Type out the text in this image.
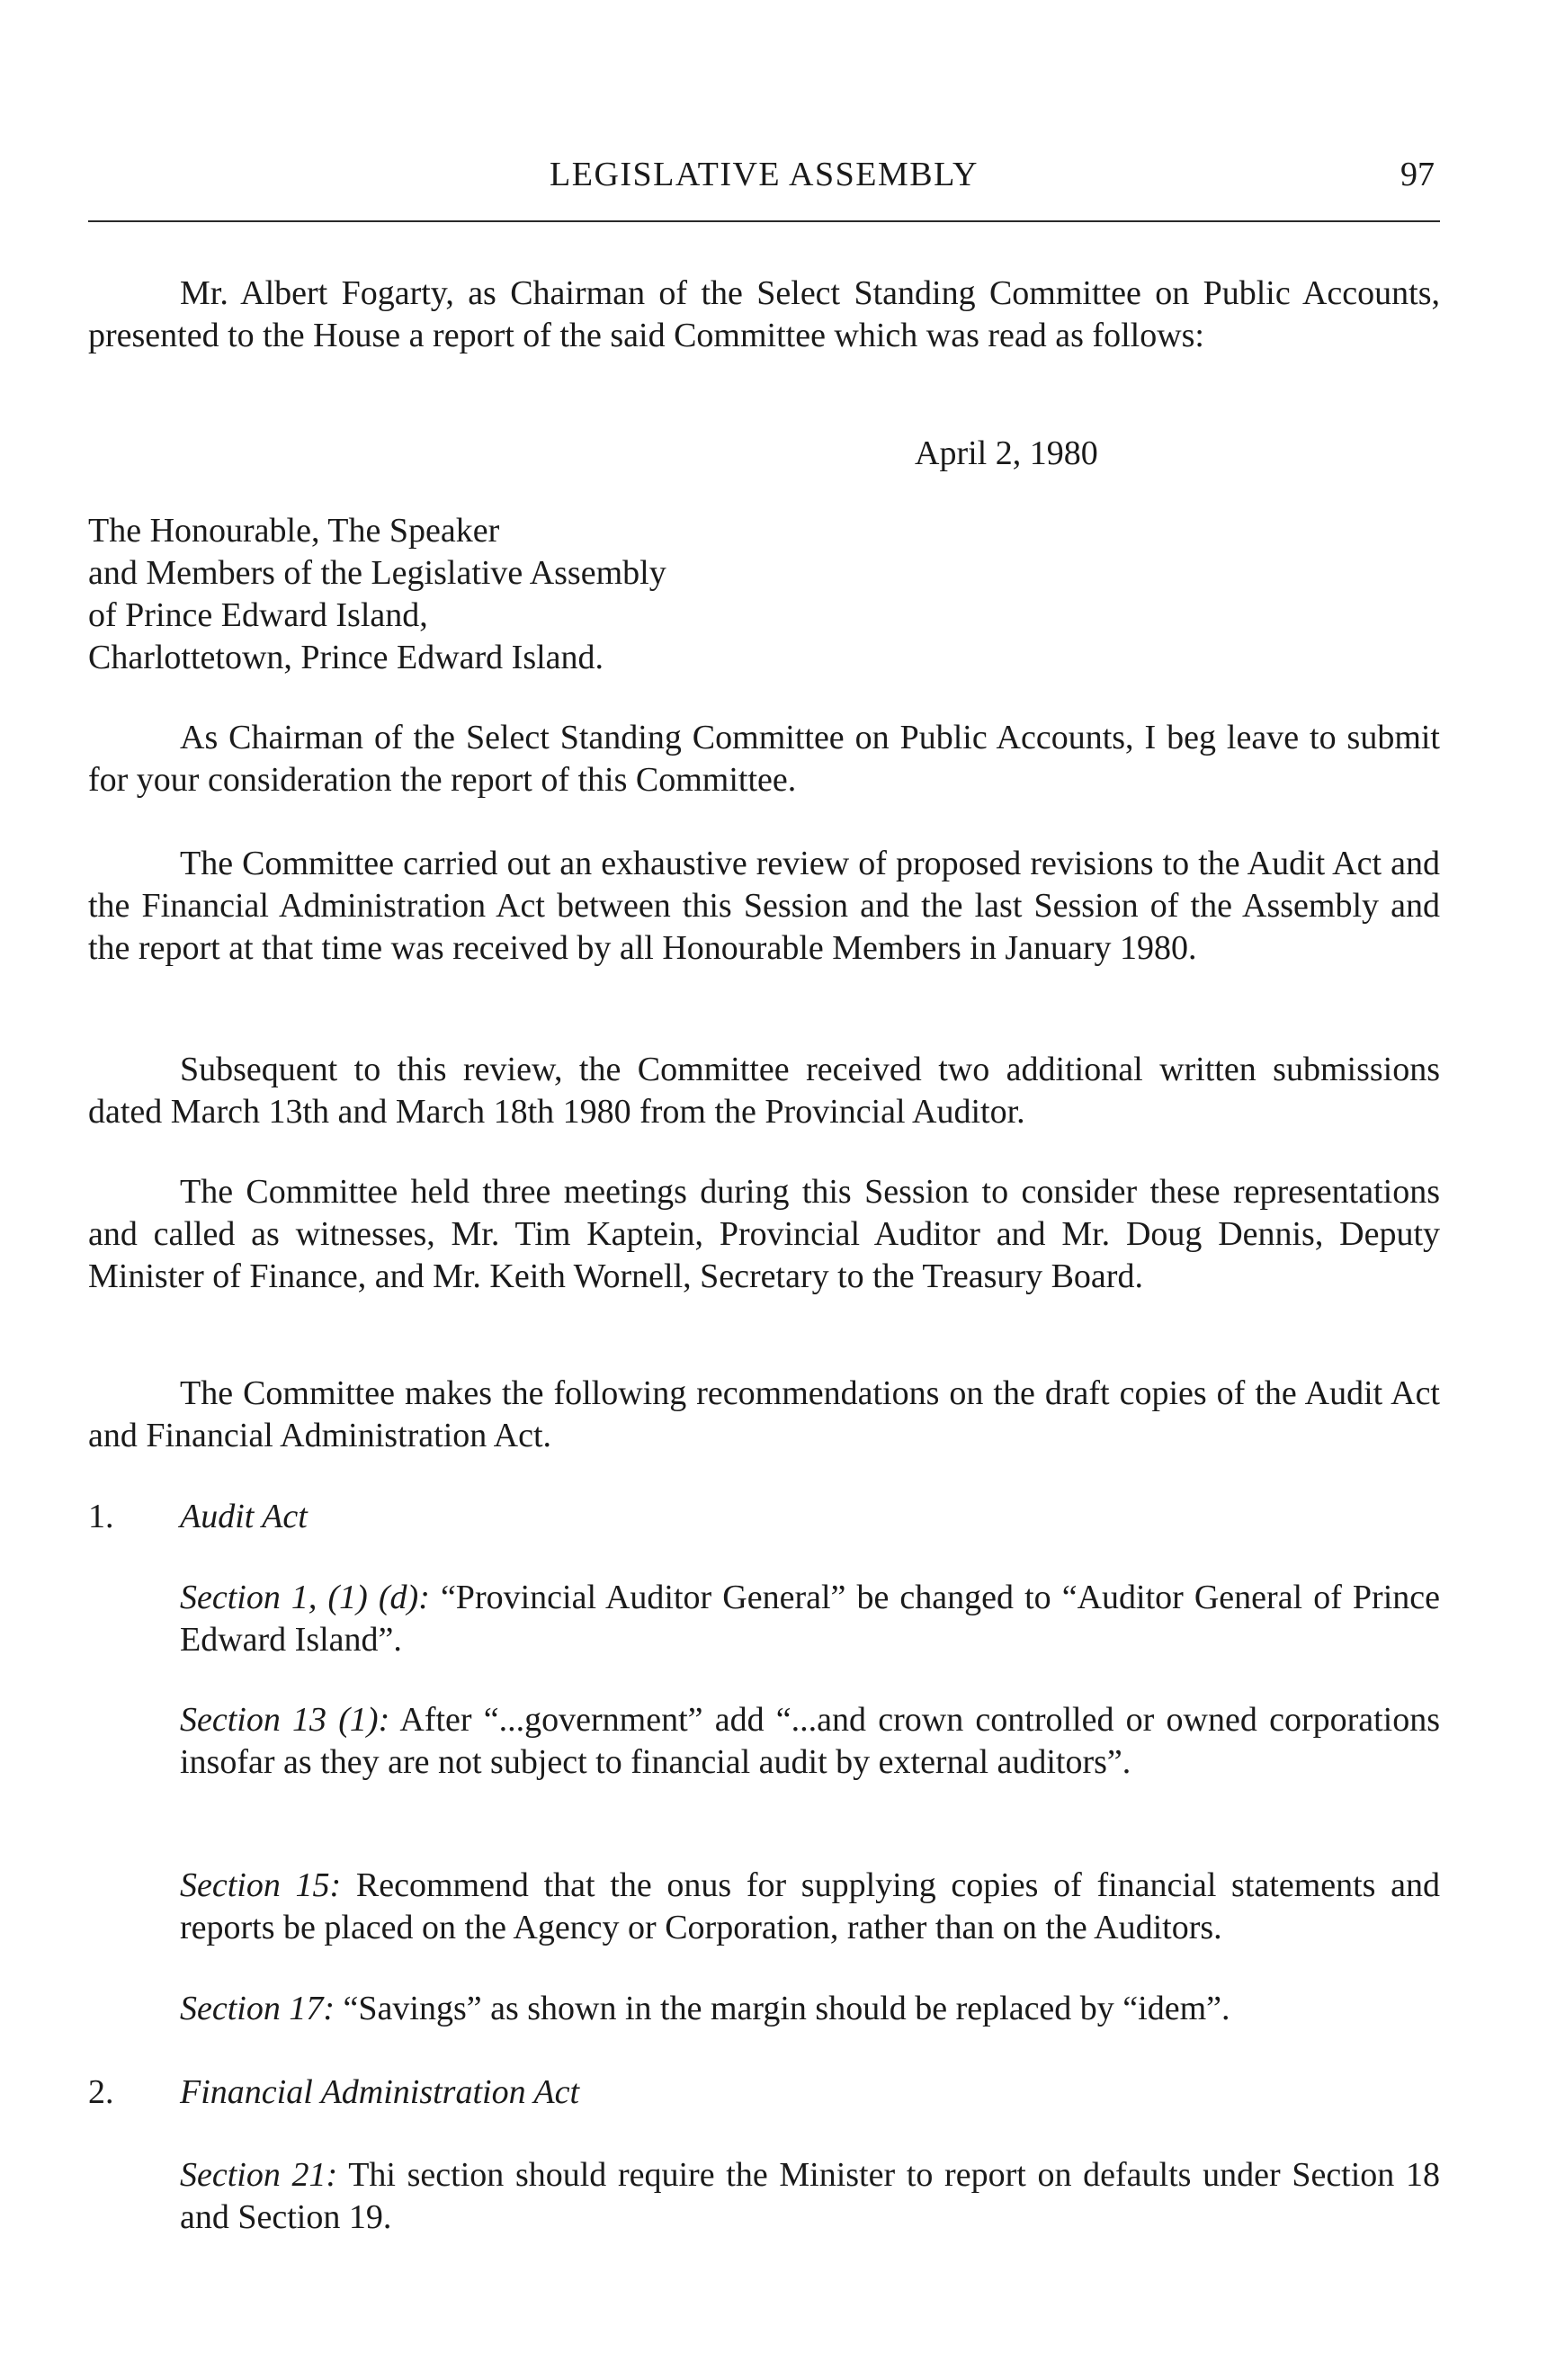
LEGISLATIVE ASSEMBLY	97

Mr. Albert Fogarty, as Chairman of the Select Standing Committee on Public Accounts, presented to the House a report of the said Committee which was read as follows:

April 2, 1980
The Honourable, The Speaker
and Members of the Legislative Assembly
of Prince Edward Island,
Charlottetown, Prince Edward Island.

As Chairman of the Select Standing Committee on Public Accounts, I beg leave to submit for your consideration the report of this Committee.

The Committee carried out an exhaustive review of proposed revisions to the Audit Act and the Financial Administration Act between this Session and the last Session of the Assembly and the report at that time was received by all Honourable Members in January 1980.

Subsequent to this review, the Committee received two additional written submissions dated March 13th and March 18th 1980 from the Provincial Auditor.

The Committee held three meetings during this Session to consider these representations and called as witnesses, Mr. Tim Kaptein, Provincial Auditor and Mr. Doug Dennis, Deputy Minister of Finance, and Mr. Keith Wornell, Secretary to the Treasury Board.

The Committee makes the following recommendations on the draft copies of the Audit Act and Financial Administration Act.

1. Audit Act

Section 1, (1) (d): “Provincial Auditor General” be changed to “Auditor General of Prince Edward Island”.

Section 13 (1): After “...government” add “...and crown controlled or owned corporations insofar as they are not subject to financial audit by external auditors”.

Section 15: Recommend that the onus for supplying copies of financial statements and reports be placed on the Agency or Corporation, rather than on the Auditors.

Section 17: “Savings” as shown in the margin should be replaced by “idem”.

2. Financial Administration Act

Section 21: Thi section should require the Minister to report on defaults under Section 18 and Section 19.
